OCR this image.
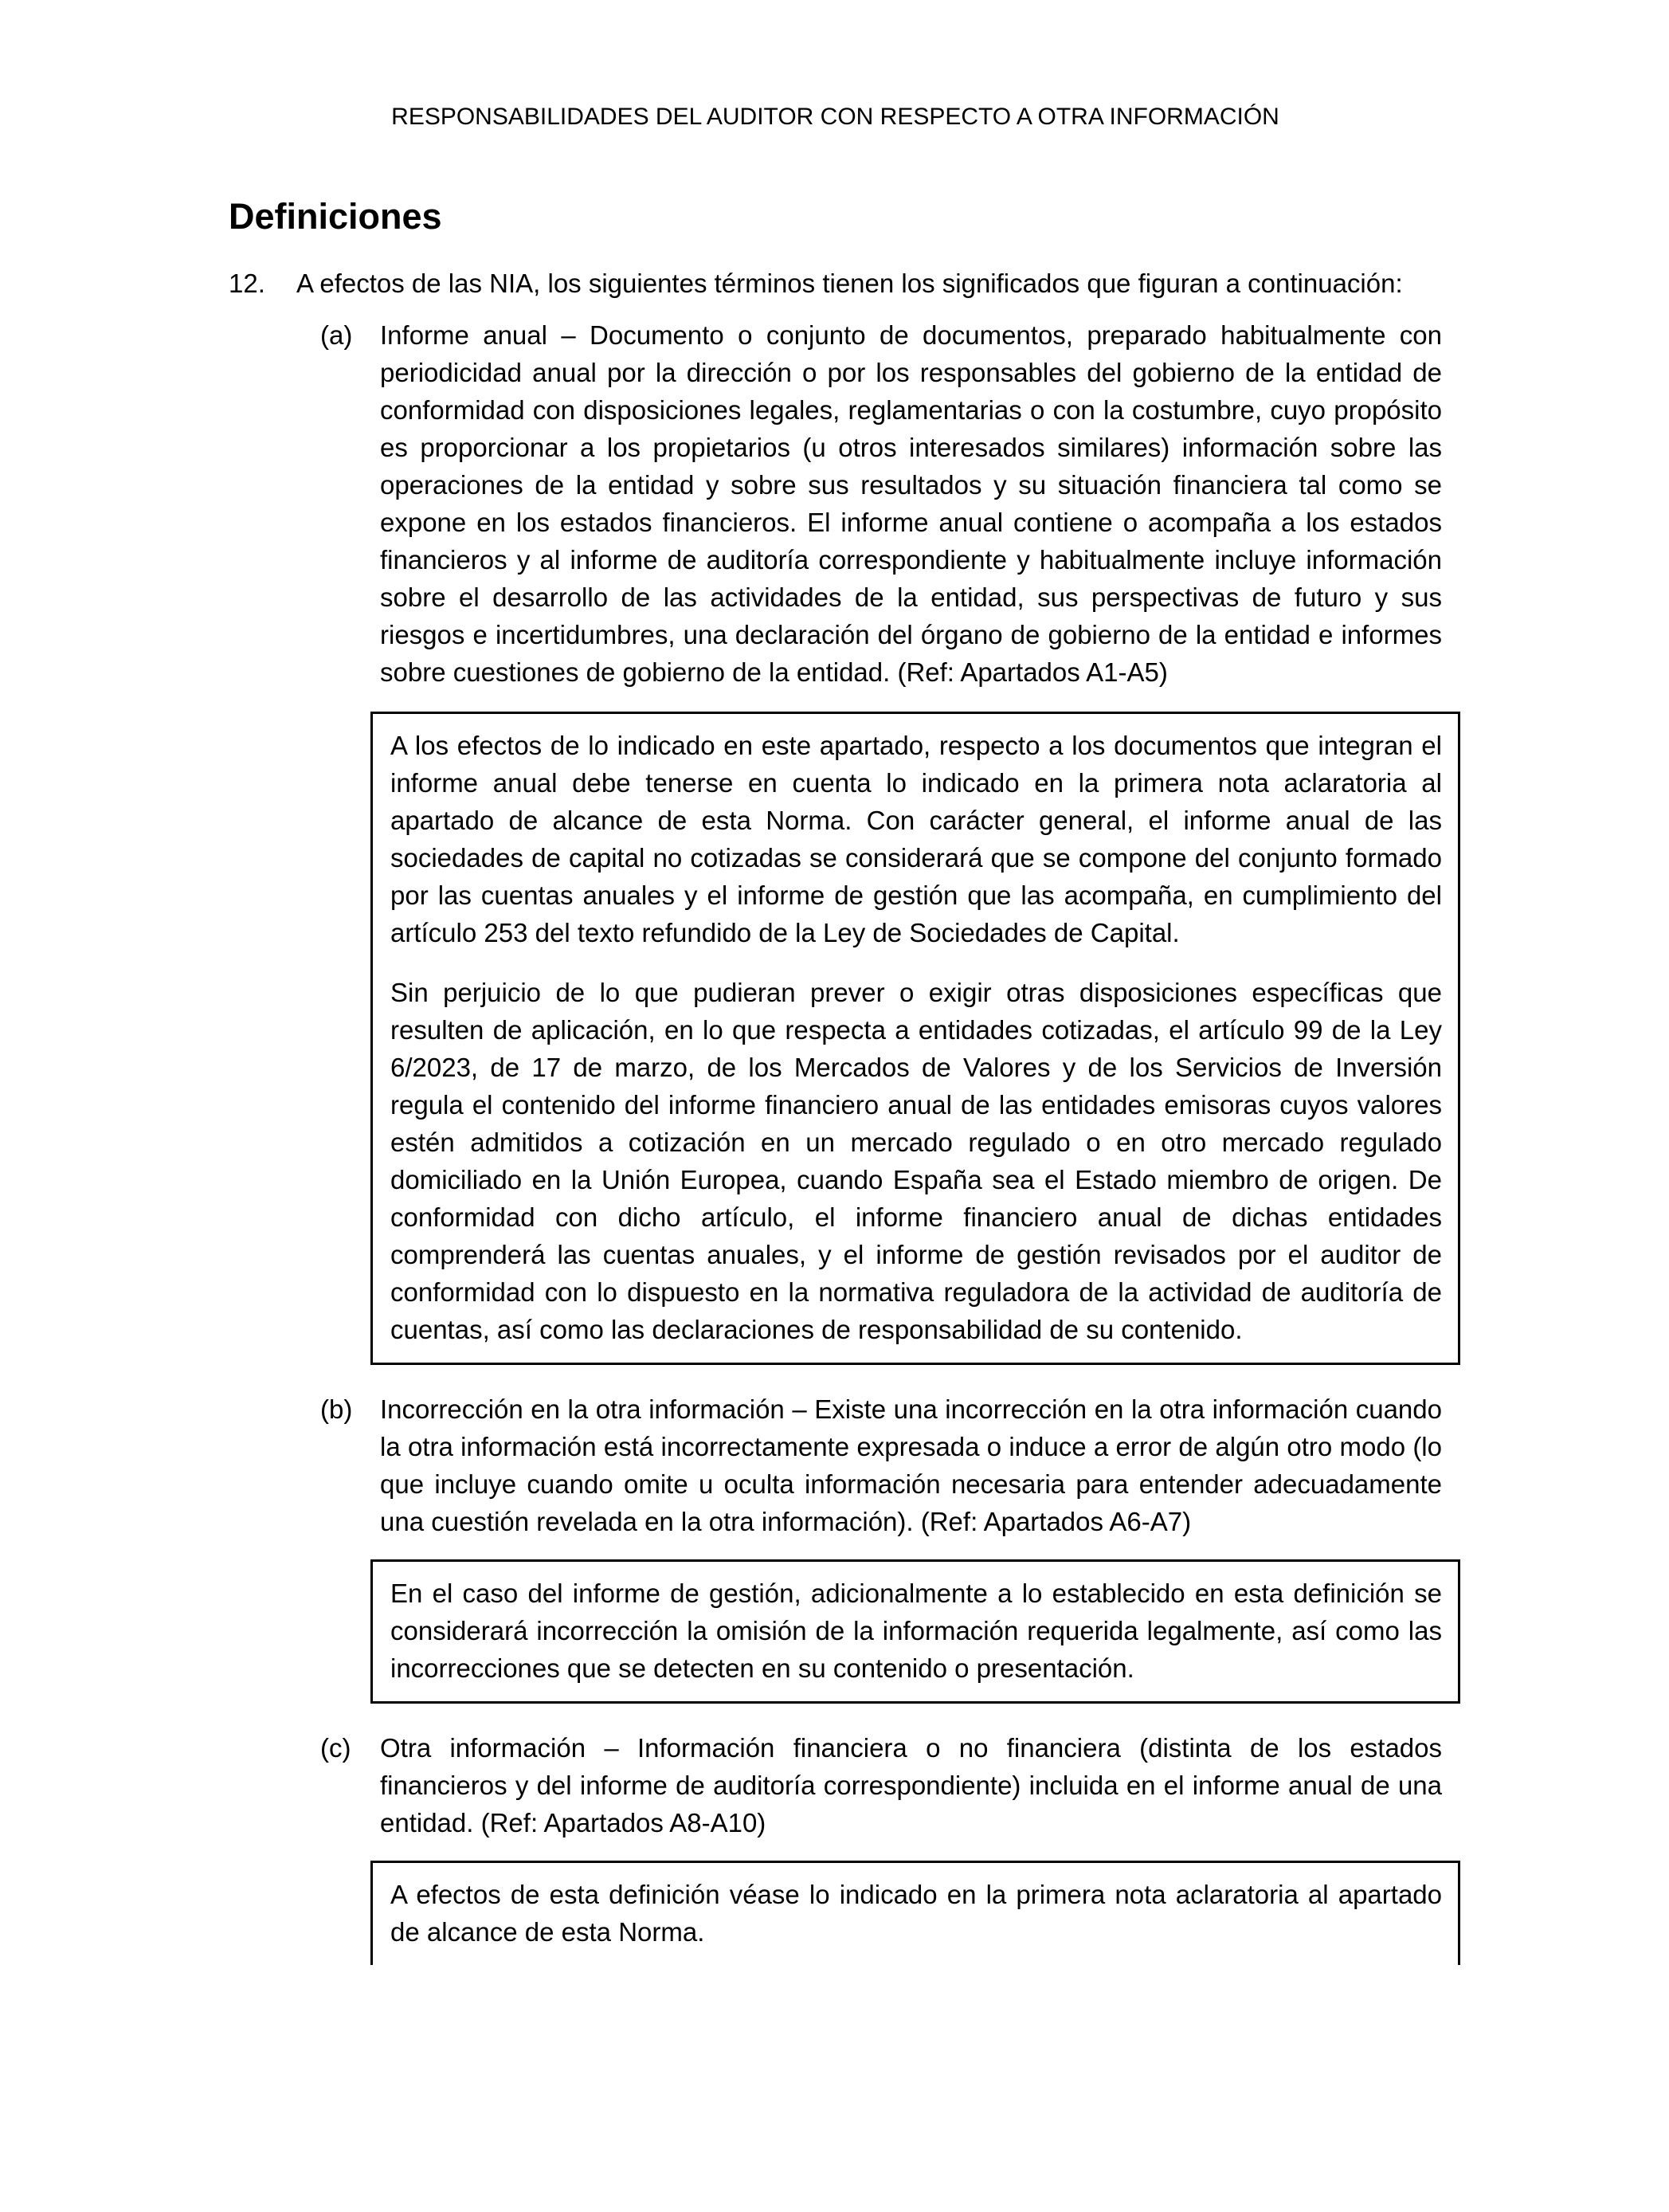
RESPONSABILIDADES DEL AUDITOR CON RESPECTO A OTRA INFORMACIÓN
Definiciones
12.	A efectos de las NIA, los siguientes términos tienen los significados que figuran a continuación:
(a)	Informe anual – Documento o conjunto de documentos, preparado habitualmente con periodicidad anual por la dirección o por los responsables del gobierno de la entidad de conformidad con disposiciones legales, reglamentarias o con la costumbre, cuyo propósito es proporcionar a los propietarios (u otros interesados similares) información sobre las operaciones de la entidad y sobre sus resultados y su situación financiera tal como se expone en los estados financieros. El informe anual contiene o acompaña a los estados financieros y al informe de auditoría correspondiente y habitualmente incluye información sobre el desarrollo de las actividades de la entidad, sus perspectivas de futuro y sus riesgos e incertidumbres, una declaración del órgano de gobierno de la entidad e informes sobre cuestiones de gobierno de la entidad. (Ref: Apartados A1-A5)

A los efectos de lo indicado en este apartado, respecto a los documentos que integran el informe anual debe tenerse en cuenta lo indicado en la primera nota aclaratoria al apartado de alcance de esta Norma. Con carácter general, el informe anual de las sociedades de capital no cotizadas se considerará que se compone del conjunto formado por las cuentas anuales y el informe de gestión que las acompaña, en cumplimiento del artículo 253 del texto refundido de la Ley de Sociedades de Capital.

Sin perjuicio de lo que pudieran prever o exigir otras disposiciones específicas que resulten de aplicación, en lo que respecta a entidades cotizadas, el artículo 99 de la Ley 6/2023, de 17 de marzo, de los Mercados de Valores y de los Servicios de Inversión regula el contenido del informe financiero anual de las entidades emisoras cuyos valores estén admitidos a cotización en un mercado regulado o en otro mercado regulado domiciliado en la Unión Europea, cuando España sea el Estado miembro de origen. De conformidad con dicho artículo, el informe financiero anual de dichas entidades comprenderá las cuentas anuales, y el informe de gestión revisados por el auditor de conformidad con lo dispuesto en la normativa reguladora de la actividad de auditoría de cuentas, así como las declaraciones de responsabilidad de su contenido.

(b)	Incorrección en la otra información – Existe una incorrección en la otra información cuando la otra información está incorrectamente expresada o induce a error de algún otro modo (lo que incluye cuando omite u oculta información necesaria para entender adecuadamente una cuestión revelada en la otra información). (Ref: Apartados A6-A7)

En el caso del informe de gestión, adicionalmente a lo establecido en esta definición se considerará incorrección la omisión de la información requerida legalmente, así como las incorrecciones que se detecten en su contenido o presentación.

(c)	Otra información – Información financiera o no financiera (distinta de los estados financieros y del informe de auditoría correspondiente) incluida en el informe anual de una entidad. (Ref: Apartados A8-A10)

A efectos de esta definición véase lo indicado en la primera nota aclaratoria al apartado de alcance de esta Norma.
